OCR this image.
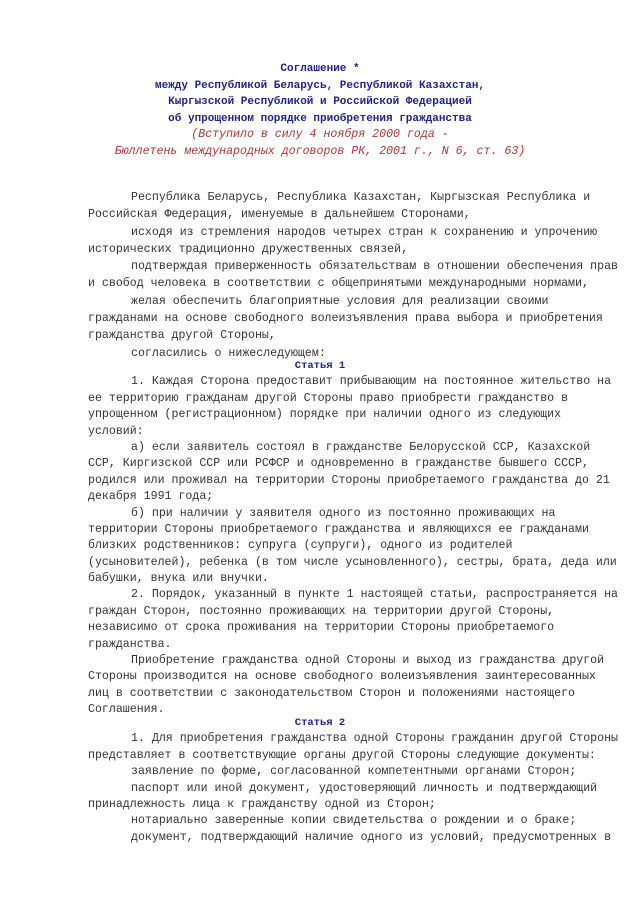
Соглашение *
между Республикой Беларусь, Республикой Казахстан,
Кыргызской Республикой и Российской Федерацией
об упрощенном порядке приобретения гражданства
(Вступило в силу 4 ноября 2000 года -
Бюллетень международных договоров РК, 2001 г., N 6, ст. 63)
Республика Беларусь, Республика Казахстан, Кыргызская Республика и
Российская Федерация, именуемые в дальнейшем Сторонами,
исходя из стремления народов четырех стран к сохранению и упрочению
исторических традиционно дружественных связей,
подтверждая приверженность обязательствам в отношении обеспечения прав
и свобод человека в соответствии с общепринятыми международными нормами,
желая обеспечить благоприятные условия для реализации своими
гражданами на основе свободного волеизъявления права выбора и приобретения
гражданства другой Стороны,
согласились о нижеследующем:
Статья 1
1. Каждая Сторона предоставит прибывающим на постоянное жительство на
ее территорию гражданам другой Стороны право приобрести гражданство в
упрощенном (регистрационном) порядке при наличии одного из следующих
условий:
а) если заявитель состоял в гражданстве Белорусской ССР, Казахской
ССР, Киргизской ССР или РСФСР и одновременно в гражданстве бывшего СССР,
родился или проживал на территории Стороны приобретаемого гражданства до 21
декабря 1991 года;
б) при наличии у заявителя одного из постоянно проживающих на
территории Стороны приобретаемого гражданства и являющихся ее гражданами
близких родственников: супруга (супруги), одного из родителей
(усыновителей), ребенка (в том числе усыновленного), сестры, брата, деда или
бабушки, внука или внучки.
2. Порядок, указанный в пункте 1 настоящей статьи, распространяется на
граждан Сторон, постоянно проживающих на территории другой Стороны,
независимо от срока проживания на территории Стороны приобретаемого
гражданства.
Приобретение гражданства одной Стороны и выход из гражданства другой
Стороны производится на основе свободного волеизъявления заинтересованных
лиц в соответствии с законодательством Сторон и положениями настоящего
Соглашения.
Статья 2
1. Для приобретения гражданства одной Стороны гражданин другой Стороны
представляет в соответствующие органы другой Стороны следующие документы:
заявление по форме, согласованной компетентными органами Сторон;
паспорт или иной документ, удостоверяющий личность и подтверждающий
принадлежность лица к гражданству одной из Сторон;
нотариально заверенные копии свидетельства о рождении и о браке;
документ, подтверждающий наличие одного из условий, предусмотренных в
